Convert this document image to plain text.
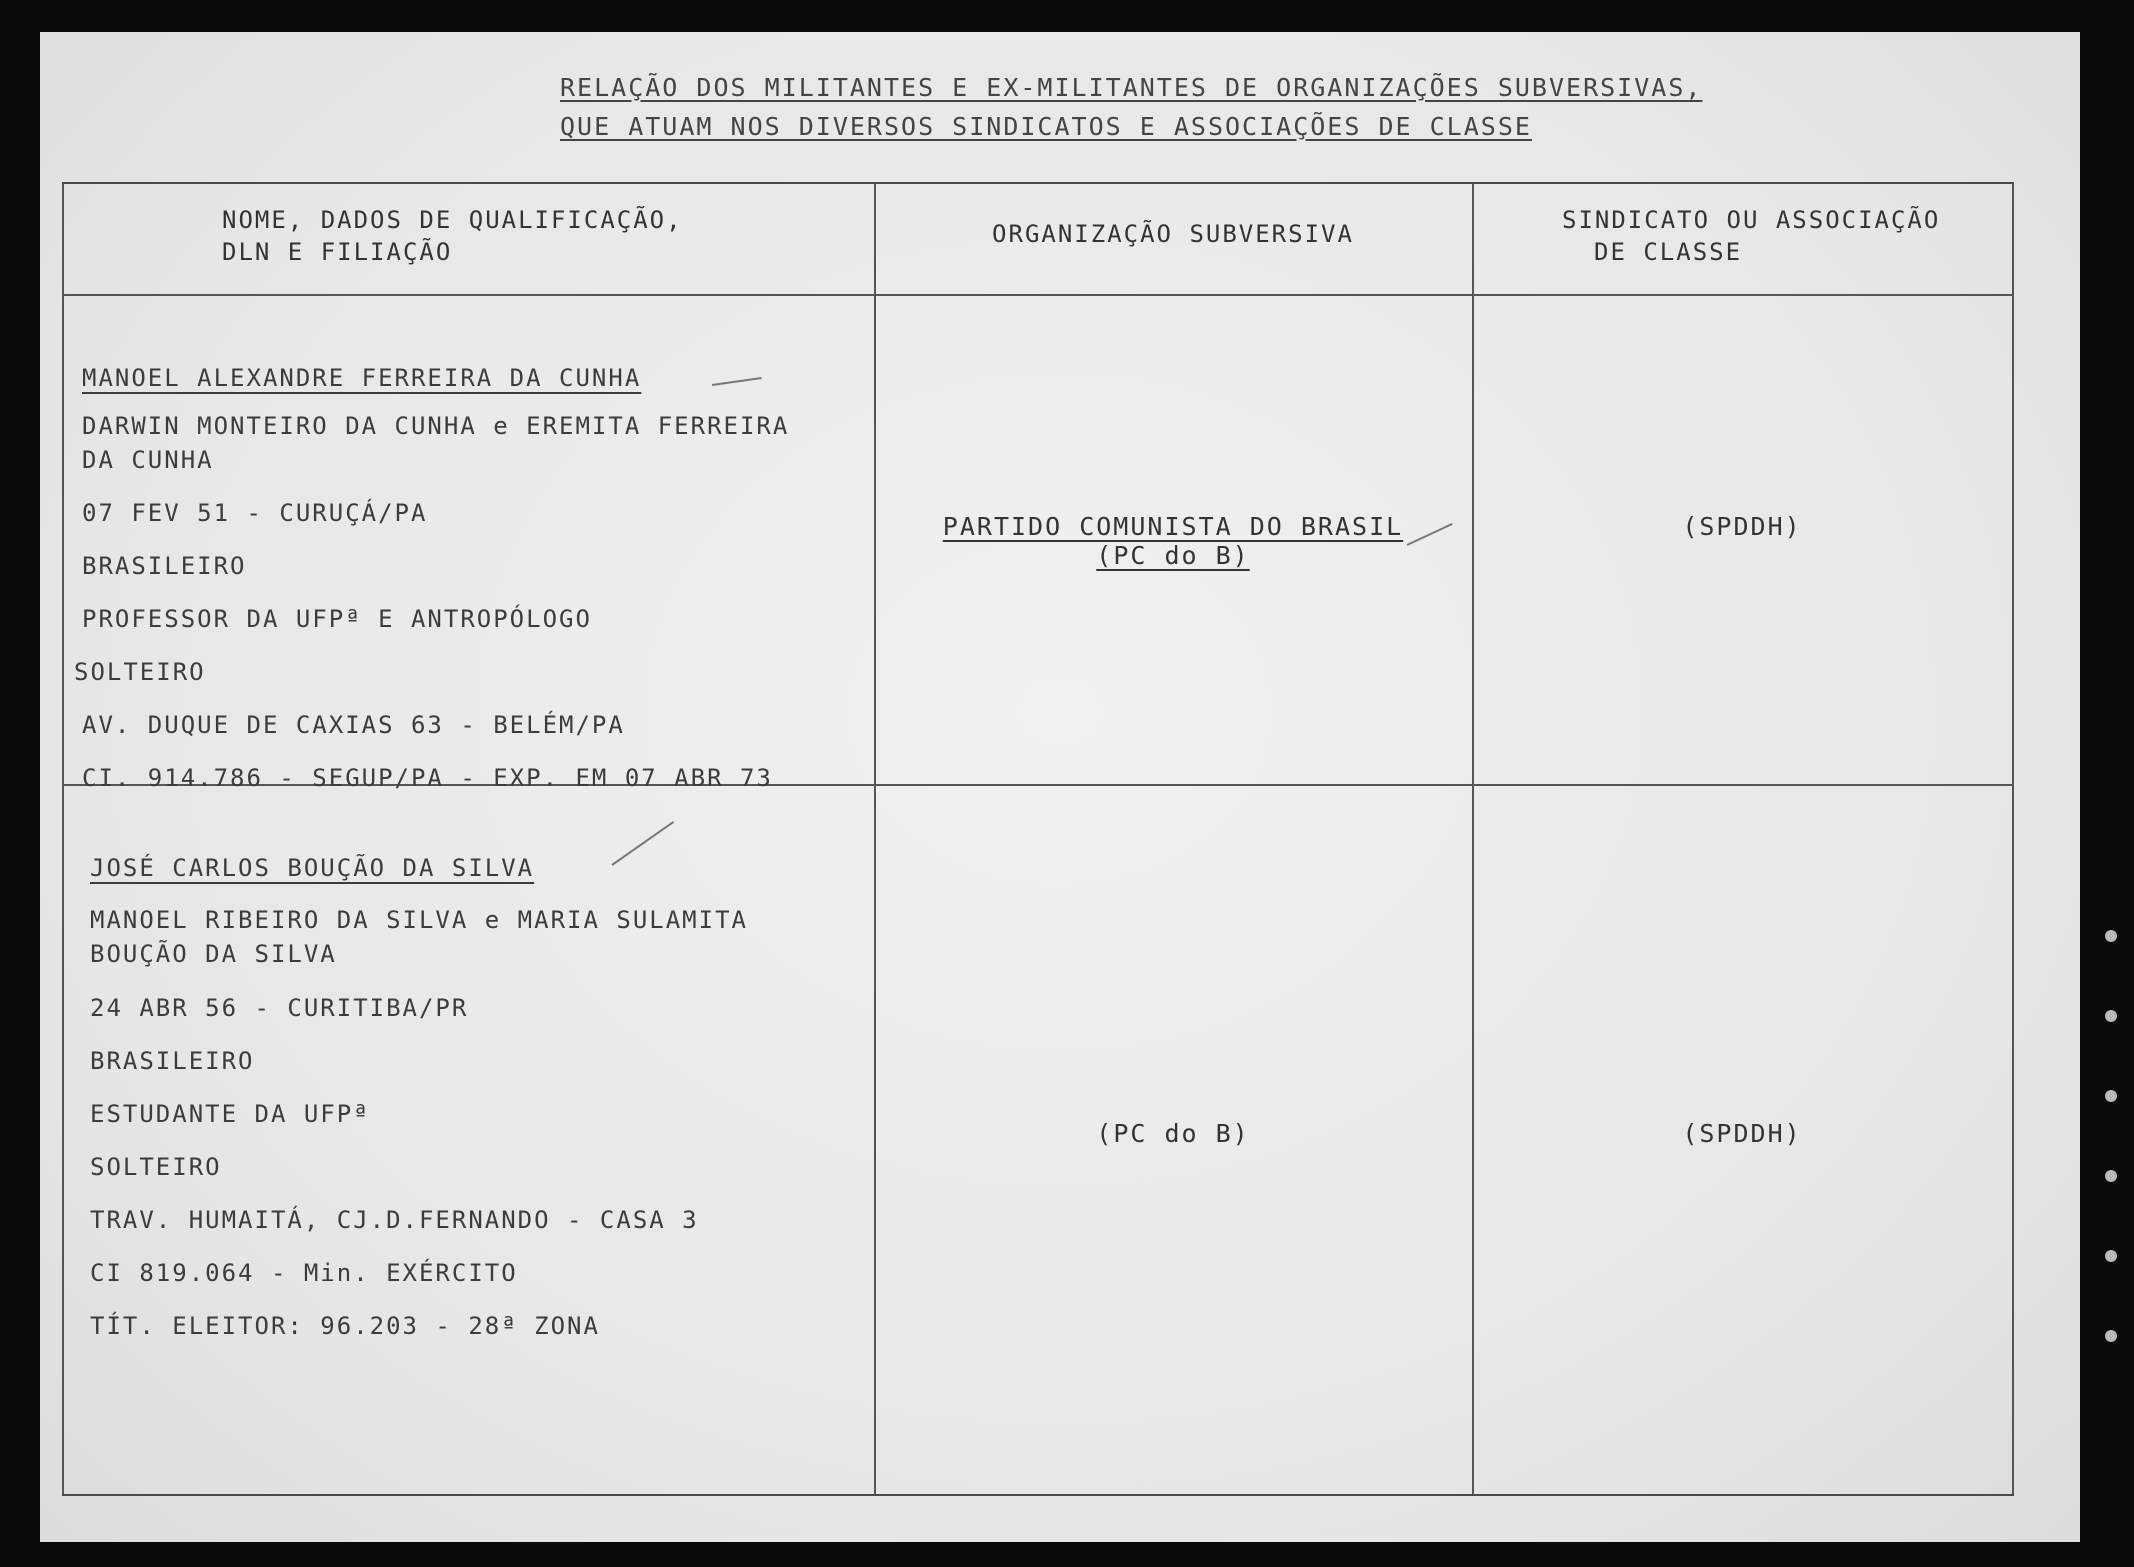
RELAÇÃO DOS MILITANTES E EX-MILITANTES DE ORGANIZAÇÕES SUBVERSIVAS,
QUE ATUAM NOS DIVERSOS SINDICATOS E ASSOCIAÇÕES DE CLASSE
NOME, DADOS DE QUALIFICAÇÃO,
DLN E FILIAÇÃO
ORGANIZAÇÃO SUBVERSIVA	SINDICATO OU ASSOCIAÇÃO
DE CLASSE
MANOEL ALEXANDRE FERREIRA DA CUNHA
DARWIN MONTEIRO DA CUNHA e EREMITA FERREIRA
DA CUNHA
07 FEV 51 - CURUÇÁ/PA
BRASILEIRO
PROFESSOR DA UFPª E ANTROPÓLOGO
SOLTEIRO
AV. DUQUE DE CAXIAS 63 - BELÉM/PA
CI. 914.786 - SEGUP/PA - EXP. EM 07 ABR 73
PARTIDO COMUNISTA DO BRASIL
(PC do B)
(SPDDH)
JOSÉ CARLOS BOUÇÃO DA SILVA
MANOEL RIBEIRO DA SILVA e MARIA SULAMITA
BOUÇÃO DA SILVA
24 ABR 56 - CURITIBA/PR
BRASILEIRO
ESTUDANTE DA UFPª
SOLTEIRO
TRAV. HUMAITÁ, CJ.D.FERNANDO - CASA 3
CI 819.064 - Min. EXÉRCITO
TÍT. ELEITOR: 96.203 - 28ª ZONA
(PC do B)	(SPDDH)
